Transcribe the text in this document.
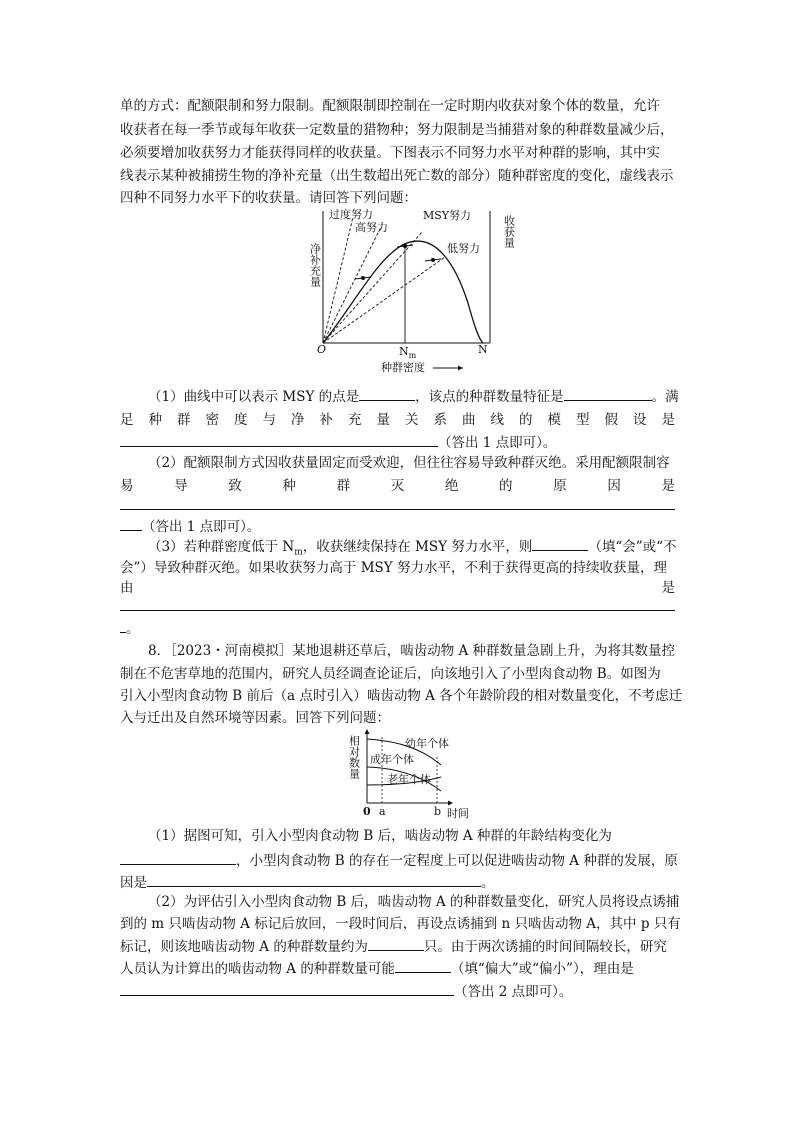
单的方式：配额限制和努力限制。配额限制即控制在一定时期内收获对象个体的数量，允许
收获者在每一季节或每年收获一定数量的猎物种；努力限制是当捕猎对象的种群数量减少后，
必须要增加收获努力才能获得同样的收获量。下图表示不同努力水平对种群的影响，其中实
线表示某种被捕捞生物的净补充量（出生数超出死亡数的部分）随种群密度的变化，虚线表示
四种不同努力水平下的收获量。请回答下列问题：
过度努力
高努力
MSY努力
低努力
净补充量
收获量
O	$N_m$	N
种群密度
（1）曲线中可以表示 MSY 的点是	，该点的种群数量特征是	。满
足种群密度与净补充量关系曲线的模型假设是
（答出 1 点即可）。
（2）配额限制方式因收获量固定而受欢迎，但往往容易导致种群灭绝。采用配额限制容
易导致种群灭绝的原因是
（答出 1 点即可）。
（3）若种群密度低于 $N_m$，收获继续保持在 MSY 努力水平，则	（填“会”或“不
会”）导致种群灭绝。如果收获努力高于 MSY 努力水平，不利于获得更高的持续收获量，理
由	是
。
8．［2023・河南模拟］某地退耕还草后，啮齿动物 A 种群数量急剧上升，为将其数量控
制在不危害草地的范围内，研究人员经调查论证后，向该地引入了小型肉食动物 B。如图为
引入小型肉食动物 B 前后（a 点时引入）啮齿动物 A 各个年龄阶段的相对数量变化，不考虑迁
入与迁出及自然环境等因素。回答下列问题：
相对数量	幼年个体
成年个体
老年个体
0 a	b 时间
（1）据图可知，引入小型肉食动物 B 后，啮齿动物 A 种群的年龄结构变化为
，小型肉食动物 B 的存在一定程度上可以促进啮齿动物 A 种群的发展，原
因是	。
（2）为评估引入小型肉食动物 B 后，啮齿动物 A 的种群数量变化，研究人员将设点诱捕
到的 m 只啮齿动物 A 标记后放回，一段时间后，再设点诱捕到 n 只啮齿动物 A，其中 p 只有
标记，则该地啮齿动物 A 的种群数量约为	只。由于两次诱捕的时间间隔较长，研究
人员认为计算出的啮齿动物 A 的种群数量可能	（填“偏大”或“偏小”），理由是
（答出 2 点即可）。
